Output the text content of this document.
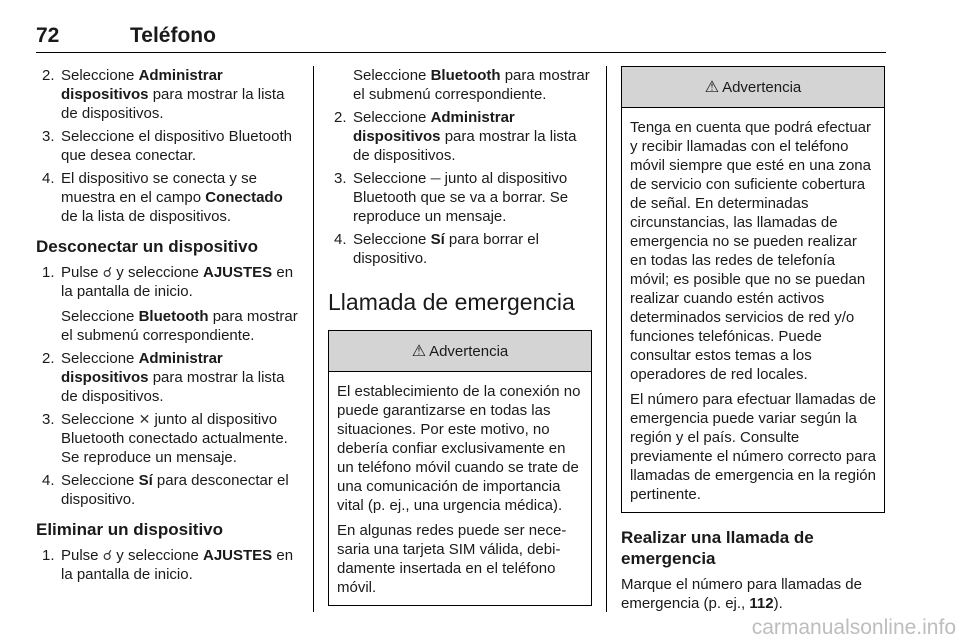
72	Teléfono
2. Seleccione Administrar dispositivos para mostrar la lista de dispositivos.

3. Seleccione el dispositivo Bluetooth que desea conectar.

4. El dispositivo se conecta y se muestra en el campo Conectado de la lista de dispositivos.

Desconectar un dispositivo
1. Pulse ☌ y seleccione AJUSTES en la pantalla de inicio.

Seleccione Bluetooth para mostrar el submenú correspondiente.

2. Seleccione Administrar dispositivos para mostrar la lista de dispositivos.

3. Seleccione ✕ junto al dispositivo Bluetooth conectado actualmente. Se reproduce un mensaje.

4. Seleccione Sí para desconectar el dispositivo.

Eliminar un dispositivo
1. Pulse ☌ y seleccione AJUSTES en la pantalla de inicio.

Seleccione Bluetooth para mostrar el submenú correspondiente.

2. Seleccione Administrar dispositivos para mostrar la lista de dispositivos.

3. Seleccione ─ junto al dispositivo Bluetooth que se va a borrar. Se reproduce un mensaje.

4. Seleccione Sí para borrar el dispositivo.

Llamada de emergencia
⚠ Advertencia

El establecimiento de la conexión no puede garantizarse en todas las situaciones. Por este motivo, no debería confiar exclusivamente en un teléfono móvil cuando se trate de una comunicación de importancia vital (p. ej., una urgencia médica).

En algunas redes puede ser necesaria una tarjeta SIM válida, debidamente insertada en el teléfono móvil.

⚠ Advertencia

Tenga en cuenta que podrá efectuar y recibir llamadas con el teléfono móvil siempre que esté en una zona de servicio con suficiente cobertura de señal. En determinadas circunstancias, las llamadas de emergencia no se pueden realizar en todas las redes de telefonía móvil; es posible que no se puedan realizar cuando estén activos determinados servicios de red y/o funciones telefónicas. Puede consultar estos temas a los operadores de red locales.

El número para efectuar llamadas de emergencia puede variar según la región y el país. Consulte previamente el número correcto para llamadas de emergencia en la región pertinente.

Realizar una llamada de emergencia

Marque el número para llamadas de emergencia (p. ej., 112).

carmanualsonline.info
